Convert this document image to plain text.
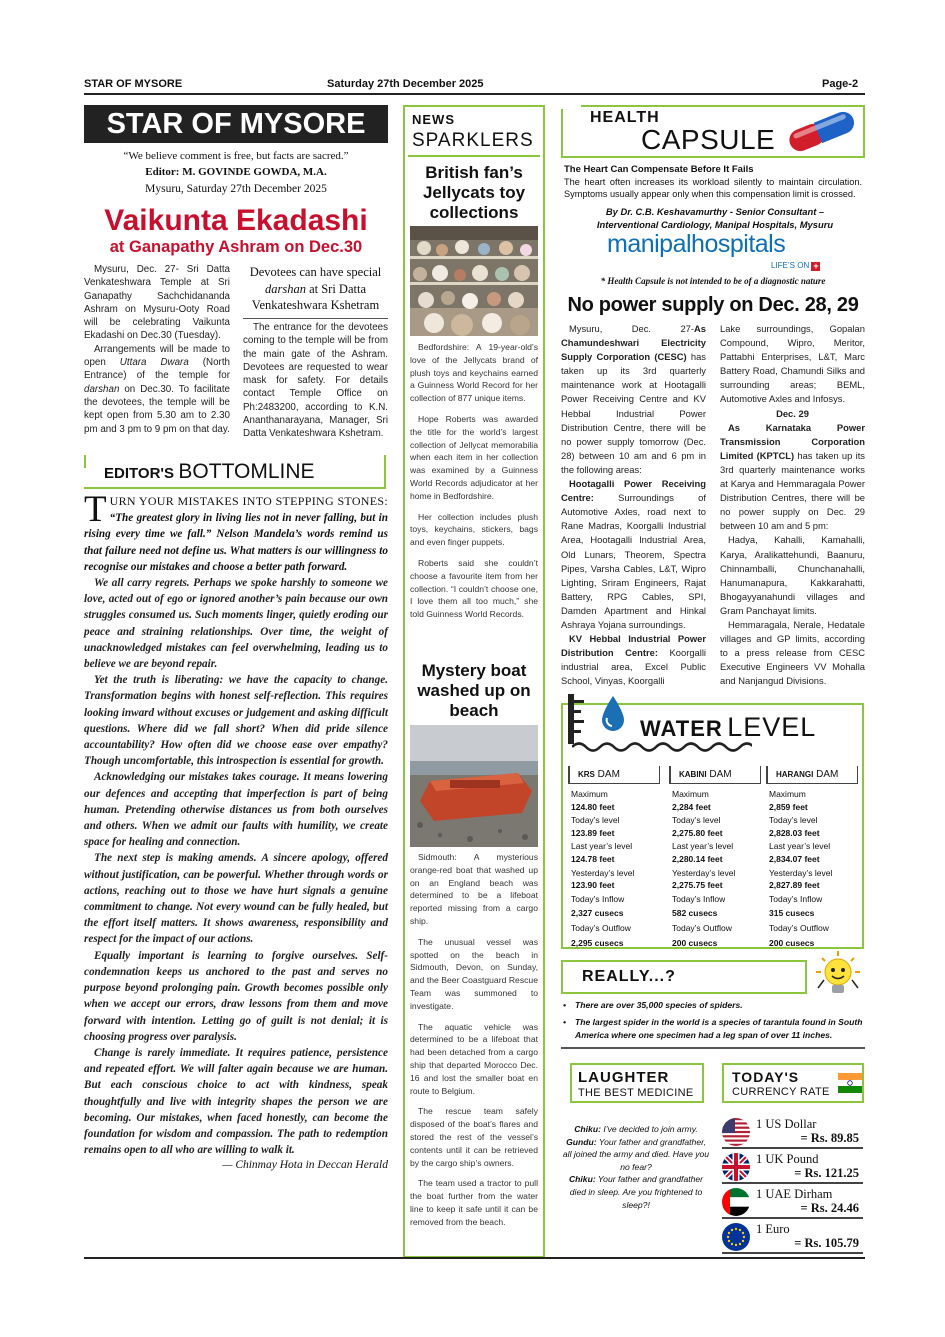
STAR OF MYSORE	Saturday 27th December 2025	Page-2
STAR OF MYSORE
“We believe comment is free, but facts are sacred.”
Editor: M. GOVINDE GOWDA, M.A.
Mysuru, Saturday 27th December 2025
Vaikunta Ekadashi
at Ganapathy Ashram on Dec.30

Mysuru, Dec. 27- Sri Datta Venkateshwara Temple at Sri Ganapathy Sachchidananda Ashram on Mysuru-Ooty Road will be celebrating Vaikunta Ekadashi on Dec.30 (Tuesday).

Arrangements will be made to open Uttara Dwara (North Entrance) of the temple for darshan on Dec.30. To facilitate the devotees, the temple will be kept open from 5.30 am to 2.30 pm and 3 pm to 9 pm on that day.

Devotees can have special darshan at Sri Datta Venkateshwara Kshetram
The entrance for the devotees coming to the temple will be from the main gate of the Ashram. Devotees are requested to wear mask for safety. For details contact Temple Office on Ph:2483200, according to K.N. Ananthanarayana, Manager, Sri Datta Venkateshwara Kshetram.
EDITOR'S BOTTOMLINE
TURN YOUR MISTAKES INTO STEPPING STONES: “The greatest glory in living lies not in never falling, but in rising every time we fall.” Nelson Mandela’s words remind us that failure need not define us. What matters is our willingness to recognise our mistakes and choose a better path forward.

We all carry regrets. Perhaps we spoke harshly to someone we love, acted out of ego or ignored another’s pain because our own struggles consumed us. Such moments linger, quietly eroding our peace and straining relationships. Over time, the weight of unacknowledged mistakes can feel overwhelming, leading us to believe we are beyond repair.

Yet the truth is liberating: we have the capacity to change. Transformation begins with honest self-reflection. This requires looking inward without excuses or judgement and asking difficult questions. Where did we fall short? When did pride silence accountability? How often did we choose ease over empathy? Though uncomfortable, this introspection is essential for growth.

Acknowledging our mistakes takes courage. It means lowering our defences and accepting that imperfection is part of being human. Pretending otherwise distances us from both ourselves and others. When we admit our faults with humility, we create space for healing and connection.

The next step is making amends. A sincere apology, offered without justification, can be powerful. Whether through words or actions, reaching out to those we have hurt signals a genuine commitment to change. Not every wound can be fully healed, but the effort itself matters. It shows awareness, responsibility and respect for the impact of our actions.

Equally important is learning to forgive ourselves. Self-condemnation keeps us anchored to the past and serves no purpose beyond prolonging pain. Growth becomes possible only when we accept our errors, draw lessons from them and move forward with intention. Letting go of guilt is not denial; it is choosing progress over paralysis.

Change is rarely immediate. It requires patience, persistence and repeated effort. We will falter again because we are human. But each conscious choice to act with kindness, speak thoughtfully and live with integrity shapes the person we are becoming. Our mistakes, when faced honestly, can become the foundation for wisdom and compassion. The path to redemption remains open to all who are willing to walk it.

— Chinmay Hota in Deccan Herald
NEWS
SPARKLERS
British fan’s Jellycats toy collections

Bedfordshire: A 19-year-old’s love of the Jellycats brand of plush toys and keychains earned a Guinness World Record for her collection of 877 unique items.

Hope Roberts was awarded the title for the world’s largest collection of Jellycat memorabilia when each item in her collection was examined by a Guinness World Records adjudicator at her home in Bedfordshire.

Her collection includes plush toys, keychains, stickers, bags and even finger puppets.

Roberts said she couldn’t choose a favourite item from her collection. “I couldn’t choose one, I love them all too much,” she told Guinness World Records.

Mystery boat washed up on beach

Sidmouth: A mysterious orange-red boat that washed up on an England beach was determined to be a lifeboat reported missing from a cargo ship.

The unusual vessel was spotted on the beach in Sidmouth, Devon, on Sunday, and the Beer Coastguard Rescue Team was summoned to investigate.

The aquatic vehicle was determined to be a lifeboat that had been detached from a cargo ship that departed Morocco Dec. 16 and lost the smaller boat en route to Belgium.

The rescue team safely disposed of the boat’s flares and stored the rest of the vessel’s contents until it can be retrieved by the cargo ship’s owners.

The team used a tractor to pull the boat further from the water line to keep it safe until it can be removed from the beach.

HEALTH
CAPSULE
The Heart Can Compensate Before It Fails
The heart often increases its workload silently to maintain circulation. Symptoms usually appear only when this compensation limit is crossed.
By Dr. C.B. Keshavamurthy - Senior Consultant – Interventional Cardiology, Manipal Hospitals, Mysuru
manipalhospitals
LIFE’S ON +
* Health Capsule is not intended to be of a diagnostic nature
No power supply on Dec. 28, 29

Mysuru, Dec. 27-As Chamundeshwari Electricity Supply Corporation (CESC) has taken up its 3rd quarterly maintenance work at Hootagalli Power Receiving Centre and KV Hebbal Industrial Power Distribution Centre, there will be no power supply tomorrow (Dec. 28) between 10 am and 6 pm in the following areas:

Hootagalli Power Receiving Centre: Surroundings of Automotive Axles, road next to Rane Madras, Koorgalli Industrial Area, Hootagalli Industrial Area, Old Lunars, Theorem, Spectra Pipes, Varsha Cables, L&T, Wipro Lighting, Sriram Engineers, Rajat Battery, RPG Cables, SPI, Damden Apartment and Hinkal Ashraya Yojana surroundings.

KV Hebbal Industrial Power Distribution Centre: Koorgalli industrial area, Excel Public School, Vinyas, Koorgalli

Lake surroundings, Gopalan Compound, Wipro, Meritor, Pattabhi Enterprises, L&T, Marc Battery Road, Chamundi Silks and surrounding areas; BEML, Automotive Axles and Infosys.

Dec. 29

As Karnataka Power Transmission Corporation Limited (KPTCL) has taken up its 3rd quarterly maintenance works at Karya and Hemmaragala Power Distribution Centres, there will be no power supply on Dec. 29 between 10 am and 5 pm:

Hadya, Kahalli, Kamahalli, Karya, Aralikattehundi, Baanuru, Chinnamballi, Chunchanahalli, Hanumanapura, Kakkarahatti, Bhogayyanahundi villages and Gram Panchayat limits.

Hemmaragala, Nerale, Hedatale villages and GP limits, according to a press release from CESC Executive Engineers VV Mohalla and Nanjangud Divisions.

WATER LEVEL
KRS DAM
Maximum
124.80 feet
Today’s level
123.89 feet
Last year’s level
124.78 feet
Yesterday’s level
123.90 feet
Today’s Inflow
2,327 cusecs
Today’s Outflow
2,295 cusecs
KABINI DAM
Maximum
2,284 feet
Today’s level
2,275.80 feet
Last year’s level
2,280.14 feet
Yesterday’s level
2,275.75 feet
Today’s Inflow
582 cusecs
Today’s Outflow
200 cusecs
HARANGI DAM
Maximum
2,859 feet
Today’s level
2,828.03 feet
Last year’s level
2,834.07 feet
Yesterday’s level
2,827.89 feet
Today’s Inflow
315 cusecs
Today’s Outflow
200 cusecs
REALLY...?
• There are over 35,000 species of spiders.
• The largest spider in the world is a species of tarantula found in South America where one specimen had a leg span of over 11 inches.
LAUGHTER
THE BEST MEDICINE
Chiku: I’ve decided to join army.
Gundu: Your father and grandfather, all joined the army and died. Have you no fear?
Chiku: Your father and grandfather died in sleep. Are you frightened to sleep?!
TODAY'S
CURRENCY RATE
1 US Dollar
= Rs. 89.85
1 UK Pound
= Rs. 121.25
1 UAE Dirham
= Rs. 24.46
1 Euro
= Rs. 105.79
